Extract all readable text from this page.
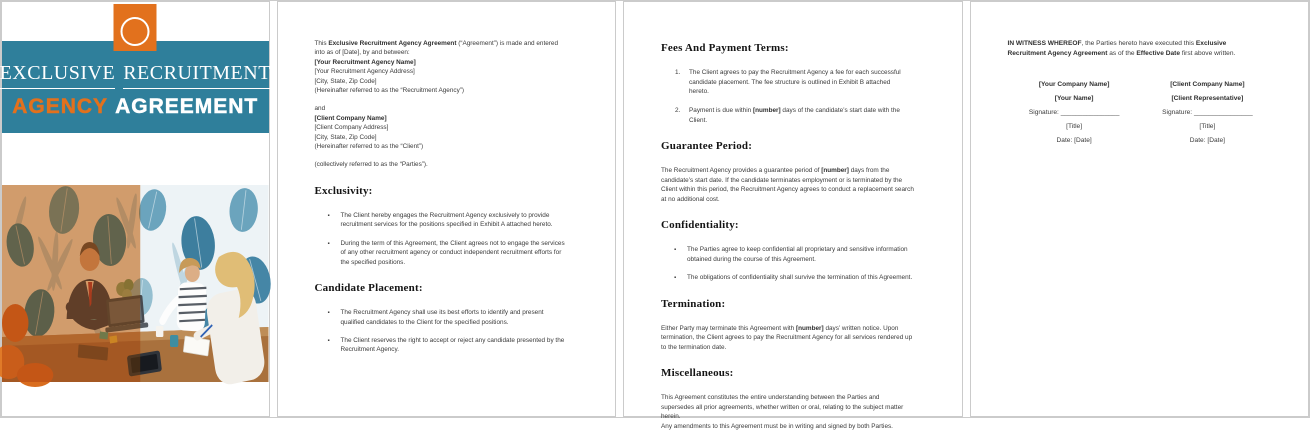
EXCLUSIVE RECRUITMENT
AGENCY AGREEMENT

This Exclusive Recruitment Agency Agreement (“Agreement”) is made and entered into as of [Date], by and between:

[Your Recruitment Agency Name]

[Your Recruitment Agency Address]

[City, State, Zip Code]

(Hereinafter referred to as the “Recruitment Agency”)

and

[Client Company Name]

[Client Company Address]

[City, State, Zip Code]

(Hereinafter referred to as the “Client”)

(collectively referred to as the “Parties”).

Exclusivity:
▪
The Client hereby engages the Recruitment Agency exclusively to provide recruitment services for the positions specified in Exhibit A attached hereto.
▪
During the term of this Agreement, the Client agrees not to engage the services of any other recruitment agency or conduct independent recruitment efforts for the specified positions.
Candidate Placement:
▪
The Recruitment Agency shall use its best efforts to identify and present qualified candidates to the Client for the specified positions.
▪
The Client reserves the right to accept or reject any candidate presented by the Recruitment Agency.
Fees And Payment Terms:
1.	The Client agrees to pay the Recruitment Agency a fee for each successful candidate placement. The fee structure is outlined in Exhibit B attached hereto.
2.	Payment is due within [number] days of the candidate’s start date with the Client.
Guarantee Period:

The Recruitment Agency provides a guarantee period of [number] days from the candidate’s start date. If the candidate terminates employment or is terminated by the Client within this period, the Recruitment Agency agrees to conduct a replacement search at no additional cost.

Confidentiality:
▪
The Parties agree to keep confidential all proprietary and sensitive information obtained during the course of this Agreement.
▪
The obligations of confidentiality shall survive the termination of this Agreement.
Termination:

Either Party may terminate this Agreement with [number] days’ written notice. Upon termination, the Client agrees to pay the Recruitment Agency for all services rendered up to the termination date.

Miscellaneous:

This Agreement constitutes the entire understanding between the Parties and supersedes all prior agreements, whether written or oral, relating to the subject matter herein.

Any amendments to this Agreement must be in writing and signed by both Parties.

IN WITNESS WHEREOF, the Parties hereto have executed this Exclusive Recruitment Agency Agreement as of the Effective Date first above written.

[Your Company Name]
[Your Name]
Signature: ________________
[Title]
Date: [Date]
[Client Company Name]
[Client Representative]
Signature: ________________
[Title]
Date: [Date]
